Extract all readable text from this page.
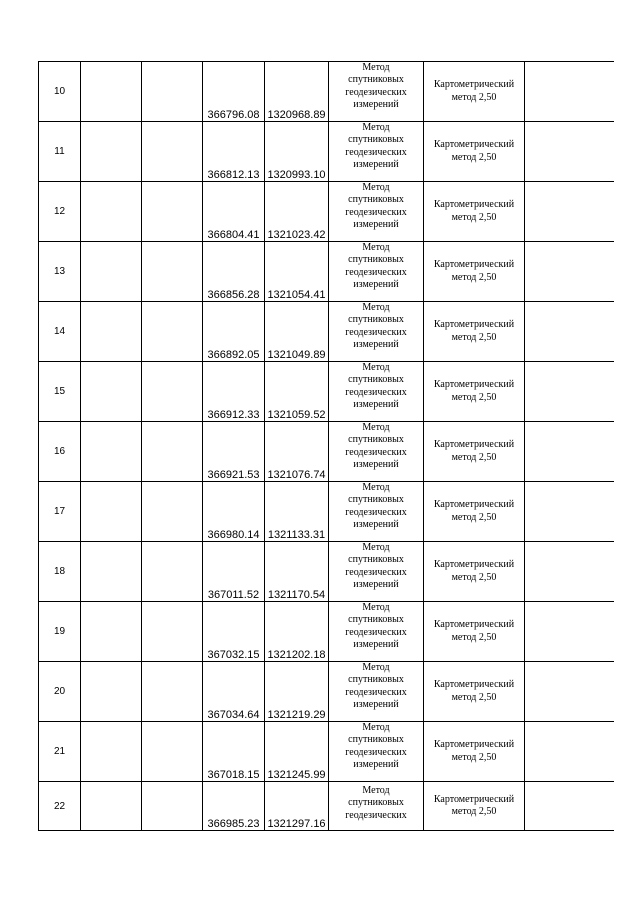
10			366796.08	1320968.89	Метод
спутниковых
геодезических
измерений	Картометрический
метод 2,50	

11			366812.13	1320993.10	Метод
спутниковых
геодезических
измерений	Картометрический
метод 2,50	

12			366804.41	1321023.42	Метод
спутниковых
геодезических
измерений	Картометрический
метод 2,50	

13			366856.28	1321054.41	Метод
спутниковых
геодезических
измерений	Картометрический
метод 2,50	

14			366892.05	1321049.89	Метод
спутниковых
геодезических
измерений	Картометрический
метод 2,50	

15			366912.33	1321059.52	Метод
спутниковых
геодезических
измерений	Картометрический
метод 2,50	

16			366921.53	1321076.74	Метод
спутниковых
геодезических
измерений	Картометрический
метод 2,50	

17			366980.14	1321133.31	Метод
спутниковых
геодезических
измерений	Картометрический
метод 2,50	

18			367011.52	1321170.54	Метод
спутниковых
геодезических
измерений	Картометрический
метод 2,50	

19			367032.15	1321202.18	Метод
спутниковых
геодезических
измерений	Картометрический
метод 2,50	

20			367034.64	1321219.29	Метод
спутниковых
геодезических
измерений	Картометрический
метод 2,50	

21			367018.15	1321245.99	Метод
спутниковых
геодезических
измерений	Картометрический
метод 2,50	

22			366985.23	1321297.16	Метод
спутниковых
геодезических	Картометрический
метод 2,50	
